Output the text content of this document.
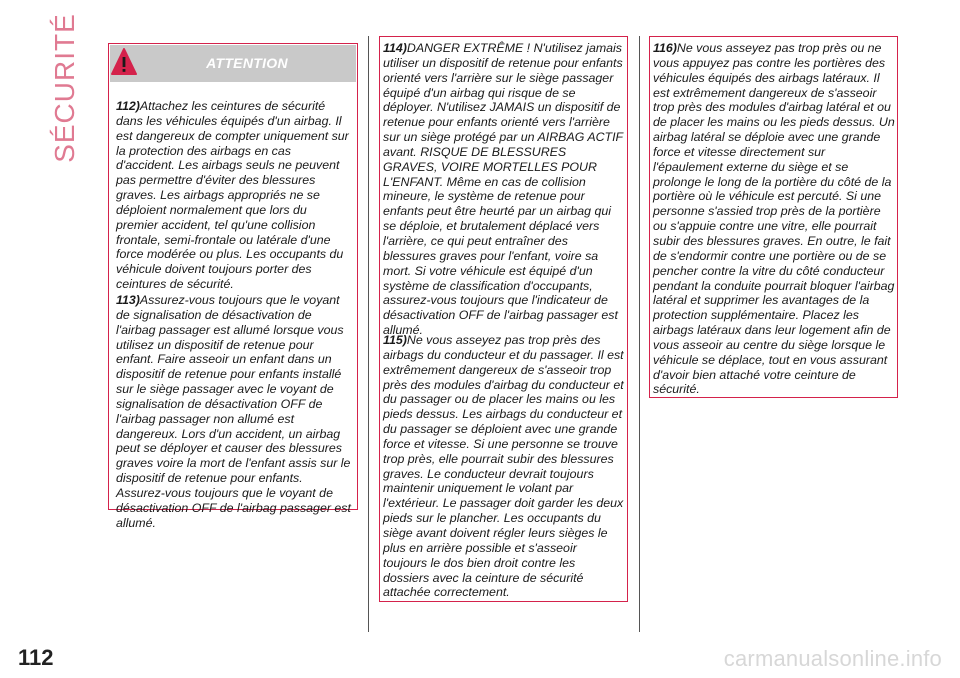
SÉCURITÉ	ATTENTION

112)Attachez les ceintures de sécurité dans les véhicules équipés d'un airbag. Il est dangereux de compter uniquement sur la protection des airbags en cas d'accident. Les airbags seuls ne peuvent pas permettre d'éviter des blessures graves. Les airbags appropriés ne se déploient normalement que lors du premier accident, tel qu'une collision frontale, semi-frontale ou latérale d'une force modérée ou plus. Les occupants du véhicule doivent toujours porter des ceintures de sécurité.

113)Assurez-vous toujours que le voyant de signalisation de désactivation de l'airbag passager est allumé lorsque vous utilisez un dispositif de retenue pour enfant. Faire asseoir un enfant dans un dispositif de retenue pour enfants installé sur le siège passager avec le voyant de signalisation de désactivation OFF de l'airbag passager non allumé est dangereux. Lors d'un accident, un airbag peut se déployer et causer des blessures graves voire la mort de l'enfant assis sur le dispositif de retenue pour enfants. Assurez-vous toujours que le voyant de désactivation OFF de l'airbag passager est allumé.

114)DANGER EXTRÊME ! N'utilisez jamais utiliser un dispositif de retenue pour enfants orienté vers l'arrière sur le siège passager équipé d'un airbag qui risque de se déployer. N'utilisez JAMAIS un dispositif de retenue pour enfants orienté vers l'arrière sur un siège protégé par un AIRBAG ACTIF avant. RISQUE DE BLESSURES GRAVES, VOIRE MORTELLES POUR L'ENFANT. Même en cas de collision mineure, le système de retenue pour enfants peut être heurté par un airbag qui se déploie, et brutalement déplacé vers l'arrière, ce qui peut entraîner des blessures graves pour l'enfant, voire sa mort. Si votre véhicule est équipé d'un système de classification d'occupants, assurez-vous toujours que l'indicateur de désactivation OFF de l'airbag passager est allumé.

115)Ne vous asseyez pas trop près des airbags du conducteur et du passager. Il est extrêmement dangereux de s'asseoir trop près des modules d'airbag du conducteur et du passager ou de placer les mains ou les pieds dessus. Les airbags du conducteur et du passager se déploient avec une grande force et vitesse. Si une personne se trouve trop près, elle pourrait subir des blessures graves. Le conducteur devrait toujours maintenir uniquement le volant par l'extérieur. Le passager doit garder les deux pieds sur le plancher. Les occupants du siège avant doivent régler leurs sièges le plus en arrière possible et s'asseoir toujours le dos bien droit contre les dossiers avec la ceinture de sécurité attachée correctement.

116)Ne vous asseyez pas trop près ou ne vous appuyez pas contre les portières des véhicules équipés des airbags latéraux. Il est extrêmement dangereux de s'asseoir trop près des modules d'airbag latéral et ou de placer les mains ou les pieds dessus. Un airbag latéral se déploie avec une grande force et vitesse directement sur l'épaulement externe du siège et se prolonge le long de la portière du côté de la portière où le véhicule est percuté. Si une personne s'assied trop près de la portière ou s'appuie contre une vitre, elle pourrait subir des blessures graves. En outre, le fait de s'endormir contre une portière ou de se pencher contre la vitre du côté conducteur pendant la conduite pourrait bloquer l'airbag latéral et supprimer les avantages de la protection supplémentaire. Placez les airbags latéraux dans leur logement afin de vous asseoir au centre du siège lorsque le véhicule se déplace, tout en vous assurant d'avoir bien attaché votre ceinture de sécurité.

112	carmanualsonline.info
